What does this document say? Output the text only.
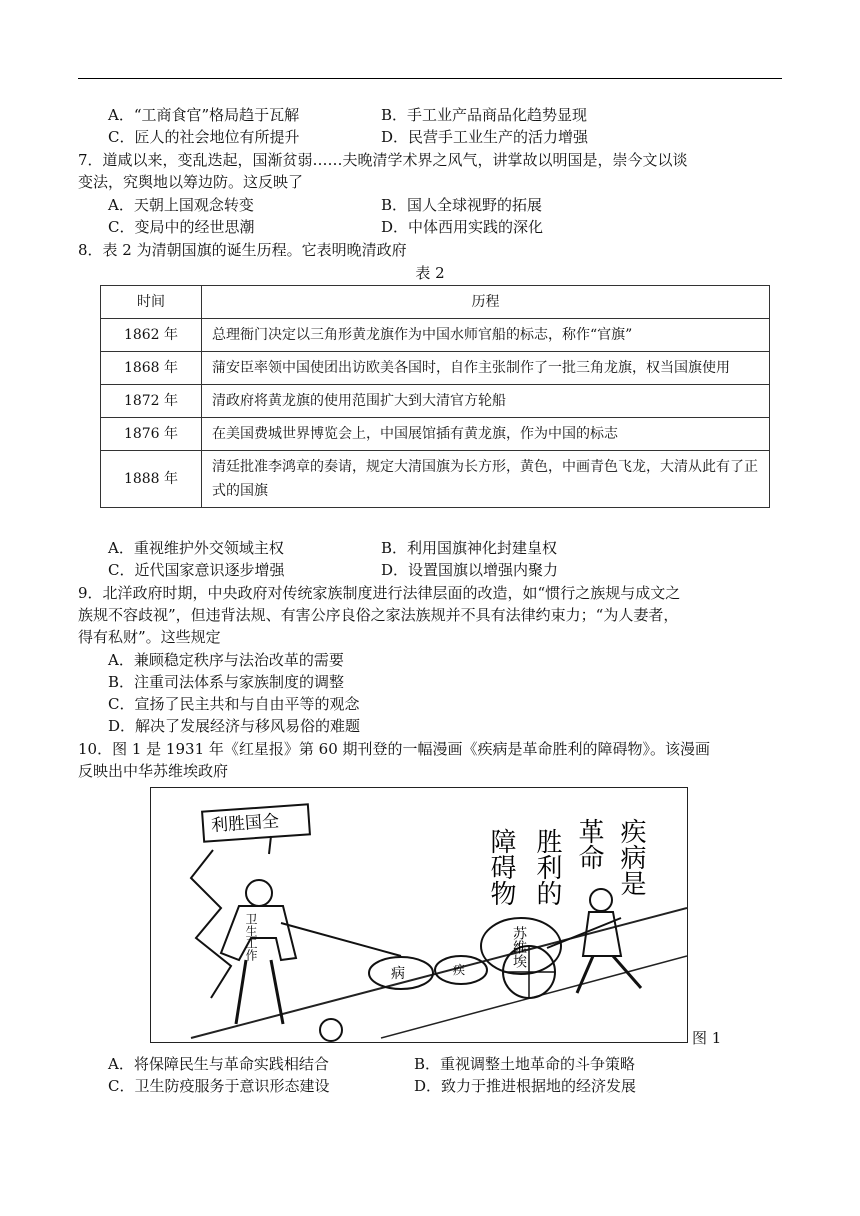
A．“工商食官”格局趋于瓦解	B．手工业产品商品化趋势显现
C．匠人的社会地位有所提升	D．民营手工业生产的活力增强
7．道咸以来，变乱迭起，国渐贫弱……夫晚清学术界之风气，讲掌故以明国是，崇今文以谈
变法，究舆地以筹边防。这反映了
A．天朝上国观念转变	B．国人全球视野的拓展
C．变局中的经世思潮	D．中体西用实践的深化
8．表 2 为清朝国旗的诞生历程。它表明晚清政府
表 2
时间	历程
1862 年	总理衙门决定以三角形黄龙旗作为中国水师官船的标志，称作“官旗”
1868 年	蒲安臣率领中国使团出访欧美各国时，自作主张制作了一批三角龙旗，权当国旗使用
1872 年	清政府将黄龙旗的使用范围扩大到大清官方轮船
1876 年	在美国费城世界博览会上，中国展馆插有黄龙旗，作为中国的标志
1888 年	清廷批准李鸿章的奏请，规定大清国旗为长方形，黄色，中画青色飞龙，大清从此有了正式的国旗
A．重视维护外交领域主权	B．利用国旗神化封建皇权
C．近代国家意识逐步增强	D．设置国旗以增强内聚力
9．北洋政府时期，中央政府对传统家族制度进行法律层面的改造，如“惯行之族规与成文之
族规不容歧视”，但违背法规、有害公序良俗之家法族规并不具有法律约束力；“为人妻者，
得有私财”。这些规定
A．兼顾稳定秩序与法治改革的需要
B．注重司法体系与家族制度的调整
C．宣扬了民主共和与自由平等的观念
D．解决了发展经济与移风易俗的难题
10．图 1 是 1931 年《红星报》第 60 期刊登的一幅漫画《疾病是革命胜利的障碍物》。该漫画
反映出中华苏维埃政府
利胜国全	疾病是
革命
胜利的
障碍物
卫生工作
病	疾
苏维埃
图 1
A．将保障民生与革命实践相结合	B．重视调整土地革命的斗争策略
C．卫生防疫服务于意识形态建设	D．致力于推进根据地的经济发展
